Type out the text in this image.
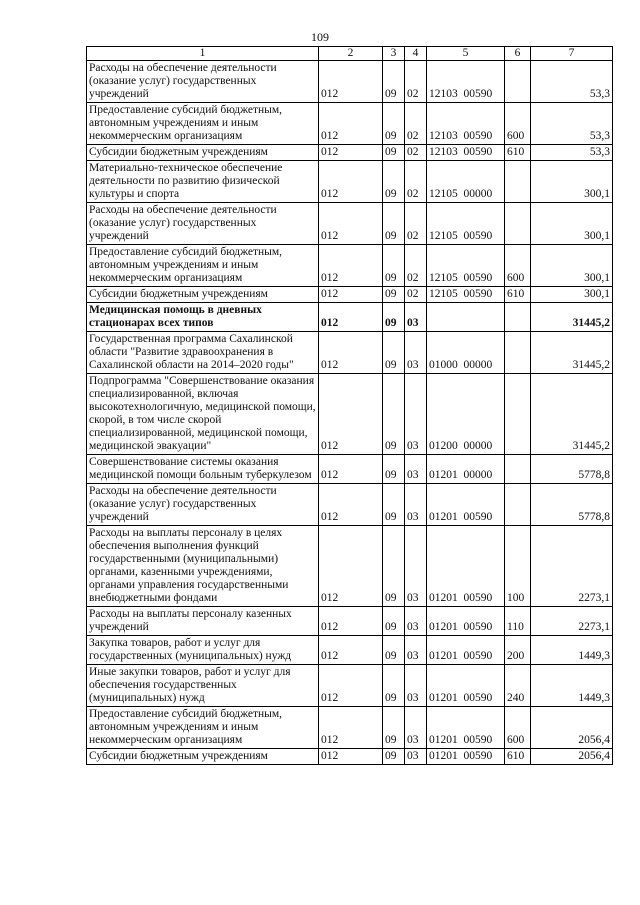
109
1	2	3	4	5	6	7
Расходы на обеспечение деятельности (оказание услуг) государственных учреждений	012	09	02	12103  00590		53,3
Предоставление субсидий бюджетным, автономным учреждениям и иным некоммерческим организациям	012	09	02	12103  00590	600	53,3
Субсидии бюджетным учреждениям	012	09	02	12103  00590	610	53,3
Материально-техническое обеспечение деятельности по развитию физической культуры и спорта	012	09	02	12105  00000		300,1
Расходы на обеспечение деятельности (оказание услуг) государственных учреждений	012	09	02	12105  00590		300,1
Предоставление субсидий бюджетным, автономным учреждениям и иным некоммерческим организациям	012	09	02	12105  00590	600	300,1
Субсидии бюджетным учреждениям	012	09	02	12105  00590	610	300,1
Медицинская помощь в дневных стационарах всех типов	012	09	03			31445,2
Государственная программа Сахалинской области "Развитие здравоохранения в Сахалинской области на 2014–2020 годы"	012	09	03	01000  00000		31445,2
Подпрограмма "Совершенствование оказания специализированной, включая высокотехнологичную, медицинской помощи, скорой, в том числе скорой специализированной, медицинской помощи, медицинской эвакуации"	012	09	03	01200  00000		31445,2
Совершенствование системы оказания медицинской помощи больным туберкулезом	012	09	03	01201  00000		5778,8
Расходы на обеспечение деятельности (оказание услуг) государственных учреждений	012	09	03	01201  00590		5778,8
Расходы на выплаты персоналу в целях обеспечения выполнения функций государственными (муниципальными) органами, казенными учреждениями, органами управления государственными внебюджетными фондами	012	09	03	01201  00590	100	2273,1
Расходы на выплаты персоналу казенных учреждений	012	09	03	01201  00590	110	2273,1
Закупка товаров, работ и услуг для государственных (муниципальных) нужд	012	09	03	01201  00590	200	1449,3
Иные закупки товаров, работ и услуг для обеспечения государственных (муниципальных) нужд	012	09	03	01201  00590	240	1449,3
Предоставление субсидий бюджетным, автономным учреждениям и иным некоммерческим организациям	012	09	03	01201  00590	600	2056,4
Субсидии бюджетным учреждениям	012	09	03	01201  00590	610	2056,4
